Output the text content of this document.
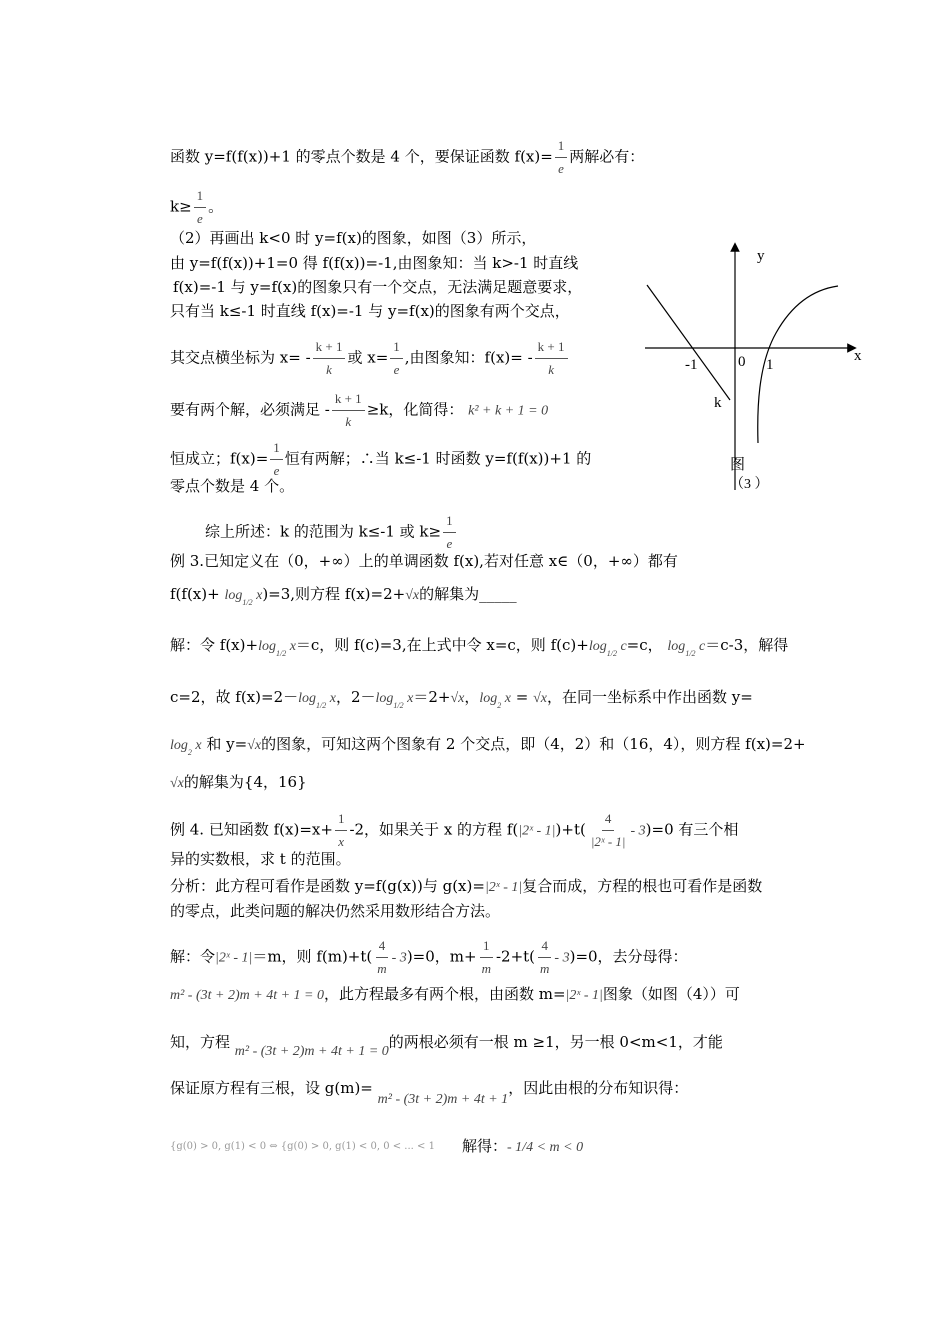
函数 y=f(f(x))+1 的零点个数是 4 个，要保证函数 $f(x)= \frac{1}{e}$ 两解必有：
$k\ge \frac{1}{e}$ 。
（2）再画出 k<0 时 y=f(x)的图象，如图（3）所示，
由 y=f(f(x))+1=0 得 f(f(x))=-1,由图象知：当 k>-1 时直线
f(x)=-1 与 y=f(x)的图象只有一个交点，无法满足题意要求，
只有当 k≤-1 时直线 f(x)=-1 与 y=f(x)的图象有两个交点，
其交点横坐标为 $x= - \frac{k + 1}{k}$ 或 $x= \frac{1}{e}$ ,由图象知：$f(x)= - \frac{k + 1}{k}$
要有两个解，必须满足 - $\frac{k + 1}{k} \ge k$，化简得： k² + k + 1 = 0
恒成立；$f(x)= \frac{1}{e}$ 恒有两解；∴当 k≤-1 时函数 y=f(f(x))+1 的
零点个数是 4 个。
综上所述：k 的范围为 k≤-1 或 $k\ge \frac{1}{e}$
例 3.已知定义在（0，+∞）上的单调函数 f(x),若对任意 x∈（0，+∞）都有
$f(f(x)+ \log_{1/2} x)=3$,则方程 f(x)=2+√x的解集为_____
解：令 $f(x)+\log_{1/2}$ x＝c，则 f(c)=3,在上式中令 x=c，则 $f(c)+\log_{1/2}$ c=c， $\log_{1/2} c=c-3$，解得
c=2，故 $f(x)=2-\log_{1/2}$ x，$2-\log_{1/2}$ x＝2+√x，$\log_2 x = √x$，在同一坐标系中作出函数 y=
$\log_2 x$ 和 y=√x的图象，可知这两个图象有 2 个交点，即（4，2）和（16，4），则方程 f(x)=2+
√x的解集为{4，16}
例 4. 已知函数 $f(x)=x+ \frac{1}{x} -2$，如果关于 x 的方程 f(|2ˣ - $1|)+t( \frac{4}{\text{|2ˣ - 1|}} - 3)=0$ 有三个相
异的实数根，求 t 的范围。
分析：此方程可看作是函数 y=f(g(x))与 g(x)=|2ˣ - 1|复合而成，方程的根也可看作是函数
的零点，此类问题的解决仍然采用数形结合方法。
解：令|2ˣ - 1|＝m，则 $f(m)+t( \frac{4}{m} - 3)=0$，$m+ \frac{1}{m} -2+t( \frac{4}{m} - 3)=0$，去分母得：
m² - (3t + 2)m + 4t + 1 = 0，此方程最多有两个根，由函数 m=|2ˣ - 1|图象（如图（4））可
知，方程 m² - (3t + 2)m + 4t + 1 = 0的两根必须有一根 m ≥1，另一根 0<m<1，才能
保证原方程有三根，设 g(m)= m² - (3t + 2)m + 4t + 1，因此由根的分布知识得：
{g(0) > 0, g(1) < 0 ⇔ {g(0) > 0, g(1) < 0, 0 < ... < 1 解得：- 1/4 < m < 0
y
x
-1	0 1
k
图
（3 ）
